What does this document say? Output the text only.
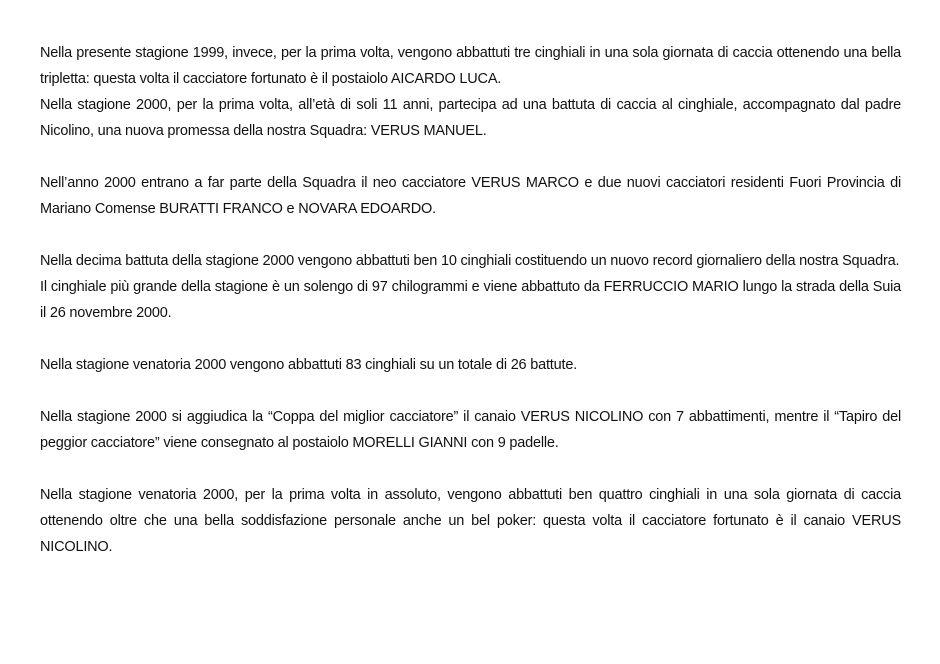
Nella presente stagione 1999, invece, per la prima volta, vengono abbattuti tre cinghiali in una sola giornata di caccia ottenendo una bella tripletta: questa volta il cacciatore fortunato è il postaiolo AICARDO LUCA.

Nella stagione 2000, per la prima volta, all’età di soli 11 anni, partecipa ad una battuta di caccia al cinghiale, accompagnato dal padre Nicolino, una nuova promessa della nostra Squadra: VERUS MANUEL.

Nell’anno 2000 entrano a far parte della Squadra il neo cacciatore VERUS MARCO e due nuovi cacciatori residenti Fuori Provincia di Mariano Comense BURATTI FRANCO e NOVARA EDOARDO.

Nella decima battuta della stagione 2000 vengono abbattuti ben 10 cinghiali costituendo un nuovo record giornaliero della nostra Squadra.

Il cinghiale più grande della stagione è un solengo di 97 chilogrammi e viene abbattuto da FERRUCCIO MARIO lungo la strada della Suia il 26 novembre 2000.

Nella stagione venatoria 2000 vengono abbattuti 83 cinghiali su un totale di 26 battute.

Nella stagione 2000 si aggiudica la “Coppa del miglior cacciatore” il canaio VERUS NICOLINO con 7 abbattimenti, mentre il “Tapiro del peggior cacciatore” viene consegnato al postaiolo MORELLI GIANNI con 9 padelle.

Nella stagione venatoria 2000, per la prima volta in assoluto, vengono abbattuti ben quattro cinghiali in una sola giornata di caccia ottenendo oltre che una bella soddisfazione personale anche un bel poker: questa volta il cacciatore fortunato è il canaio VERUS NICOLINO.
